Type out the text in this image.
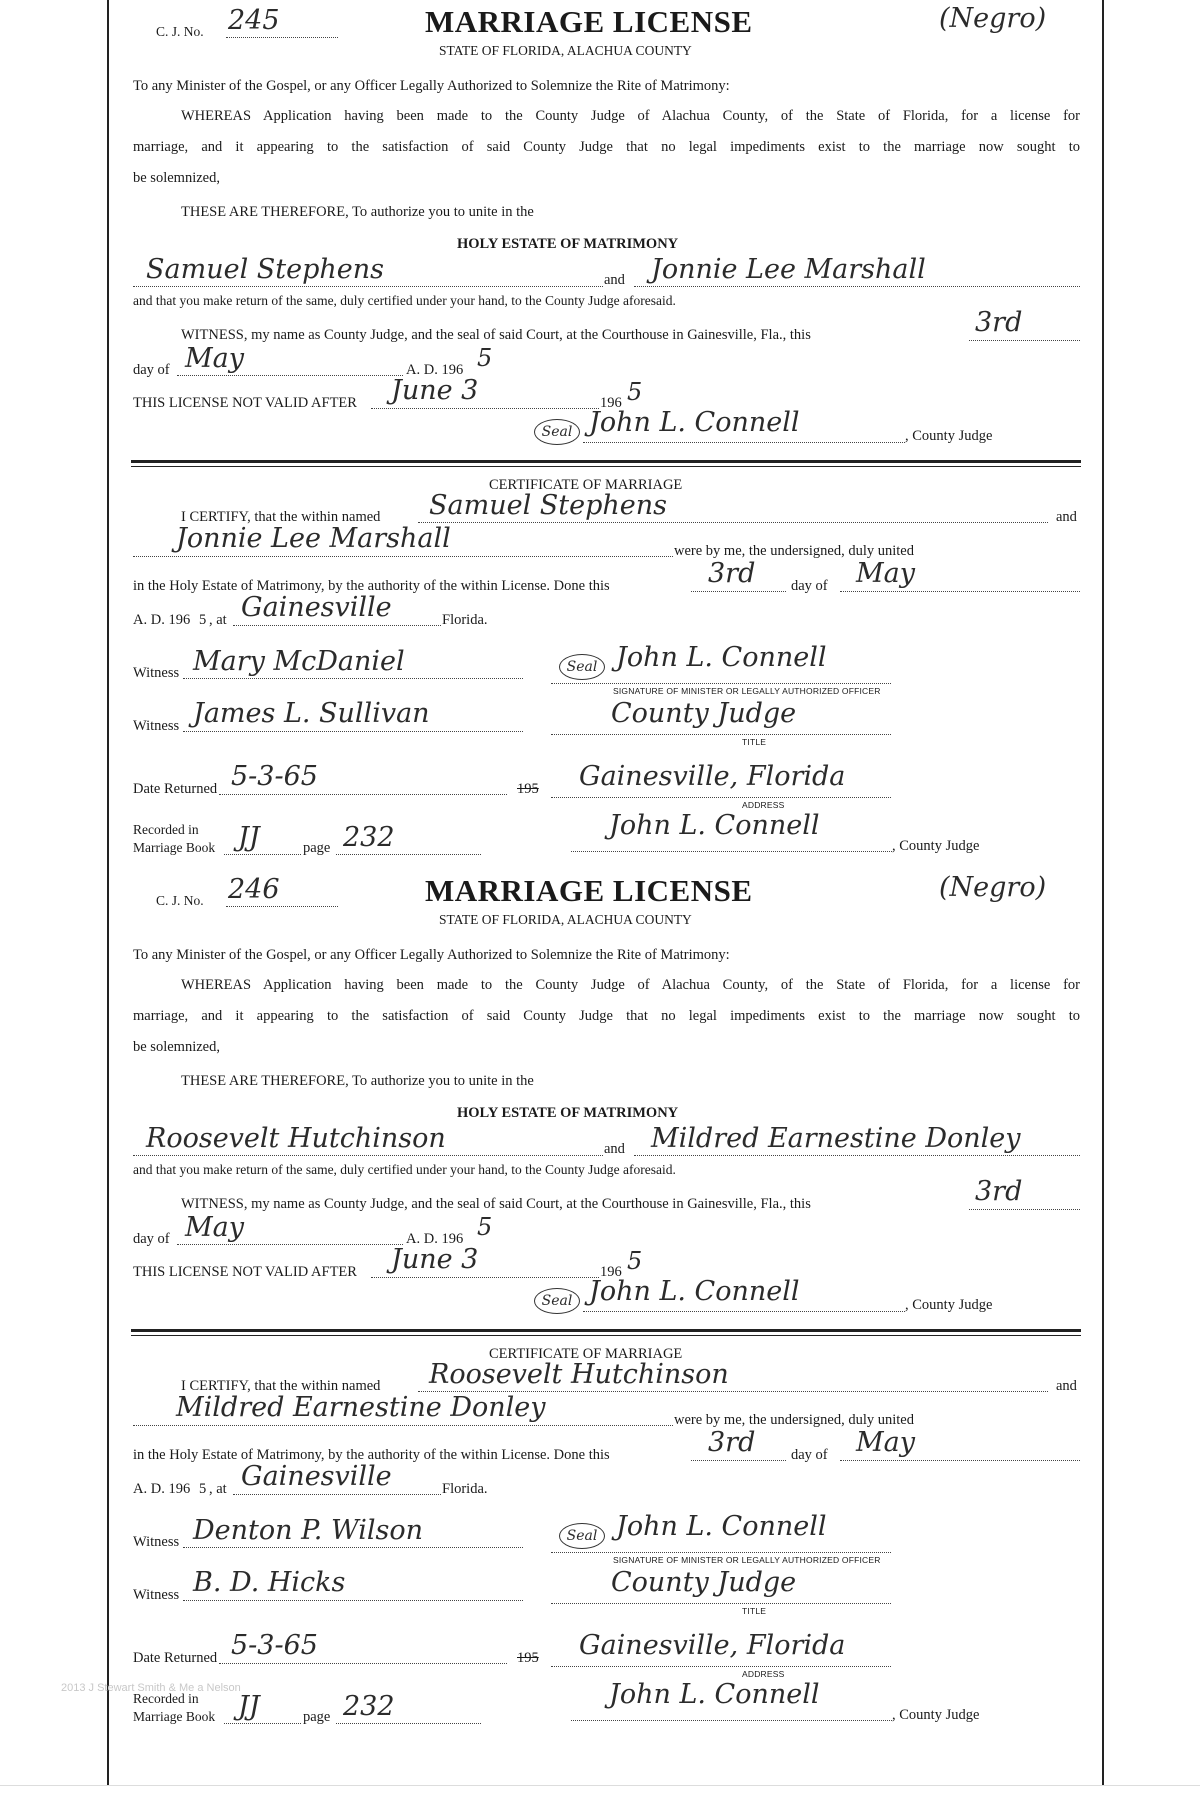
C. J. No. 245	MARRIAGE LICENSE
STATE OF FLORIDA, ALACHUA COUNTY
(Negro)
To any Minister of the Gospel, or any Officer Legally Authorized to Solemnize the Rite of Matrimony:
WHEREAS Application having been made to the County Judge of Alachua County, of the State of Florida, for a license for
marriage, and it appearing to the satisfaction of said County Judge that no legal impediments exist to the marriage now sought to
be solemnized,
THESE ARE THEREFORE, To authorize you to unite in the
HOLY ESTATE OF MATRIMONY
Samuel Stephens	and Jonnie Lee Marshall
and that you make return of the same, duly certified under your hand, to the County Judge aforesaid.
WITNESS, my name as County Judge, and the seal of said Court, at the Courthouse in Gainesville, Fla., this	3rd
day of May	A. D. 196 5
THIS LICENSE NOT VALID AFTER June 3	196 5
Seal John L. Connell	, County Judge
CERTIFICATE OF MARRIAGE
I CERTIFY, that the within named Samuel Stephens	and
Jonnie Lee Marshall	were by me, the undersigned, duly united
in the Holy Estate of Matrimony, by the authority of the within License. Done this	3rd day of May
A. D. 196 5 , at Gainesville	Florida.
Witness Mary McDaniel	Seal John L. Connell
SIGNATURE OF MINISTER OR LEGALLY AUTHORIZED OFFICER
Witness James L. Sullivan	County Judge
TITLE
Date Returned 5-3-65	195 Gainesville, Florida
ADDRESS
Recorded in
Marriage Book JJ	page 232	John L. Connell
, County Judge
C. J. No. 246	MARRIAGE LICENSE
STATE OF FLORIDA, ALACHUA COUNTY
(Negro)
To any Minister of the Gospel, or any Officer Legally Authorized to Solemnize the Rite of Matrimony:
WHEREAS Application having been made to the County Judge of Alachua County, of the State of Florida, for a license for
marriage, and it appearing to the satisfaction of said County Judge that no legal impediments exist to the marriage now sought to
be solemnized,
THESE ARE THEREFORE, To authorize you to unite in the
HOLY ESTATE OF MATRIMONY
Roosevelt Hutchinson	and Mildred Earnestine Donley
and that you make return of the same, duly certified under your hand, to the County Judge aforesaid.
WITNESS, my name as County Judge, and the seal of said Court, at the Courthouse in Gainesville, Fla., this	3rd
day of May	A. D. 196 5
THIS LICENSE NOT VALID AFTER June 3	196 5
Seal John L. Connell	, County Judge
CERTIFICATE OF MARRIAGE
I CERTIFY, that the within named Roosevelt Hutchinson	and
Mildred Earnestine Donley	were by me, the undersigned, duly united
in the Holy Estate of Matrimony, by the authority of the within License. Done this	3rd day of May
A. D. 196 5 , at Gainesville	Florida.
Witness Denton P. Wilson	Seal John L. Connell
SIGNATURE OF MINISTER OR LEGALLY AUTHORIZED OFFICER
Witness B. D. Hicks	County Judge
TITLE
Date Returned 5-3-65	195 Gainesville, Florida
ADDRESS
Recorded in
Marriage Book JJ	page 232	John L. Connell
, County Judge
2013 J Stewart Smith & Me a Nelson
